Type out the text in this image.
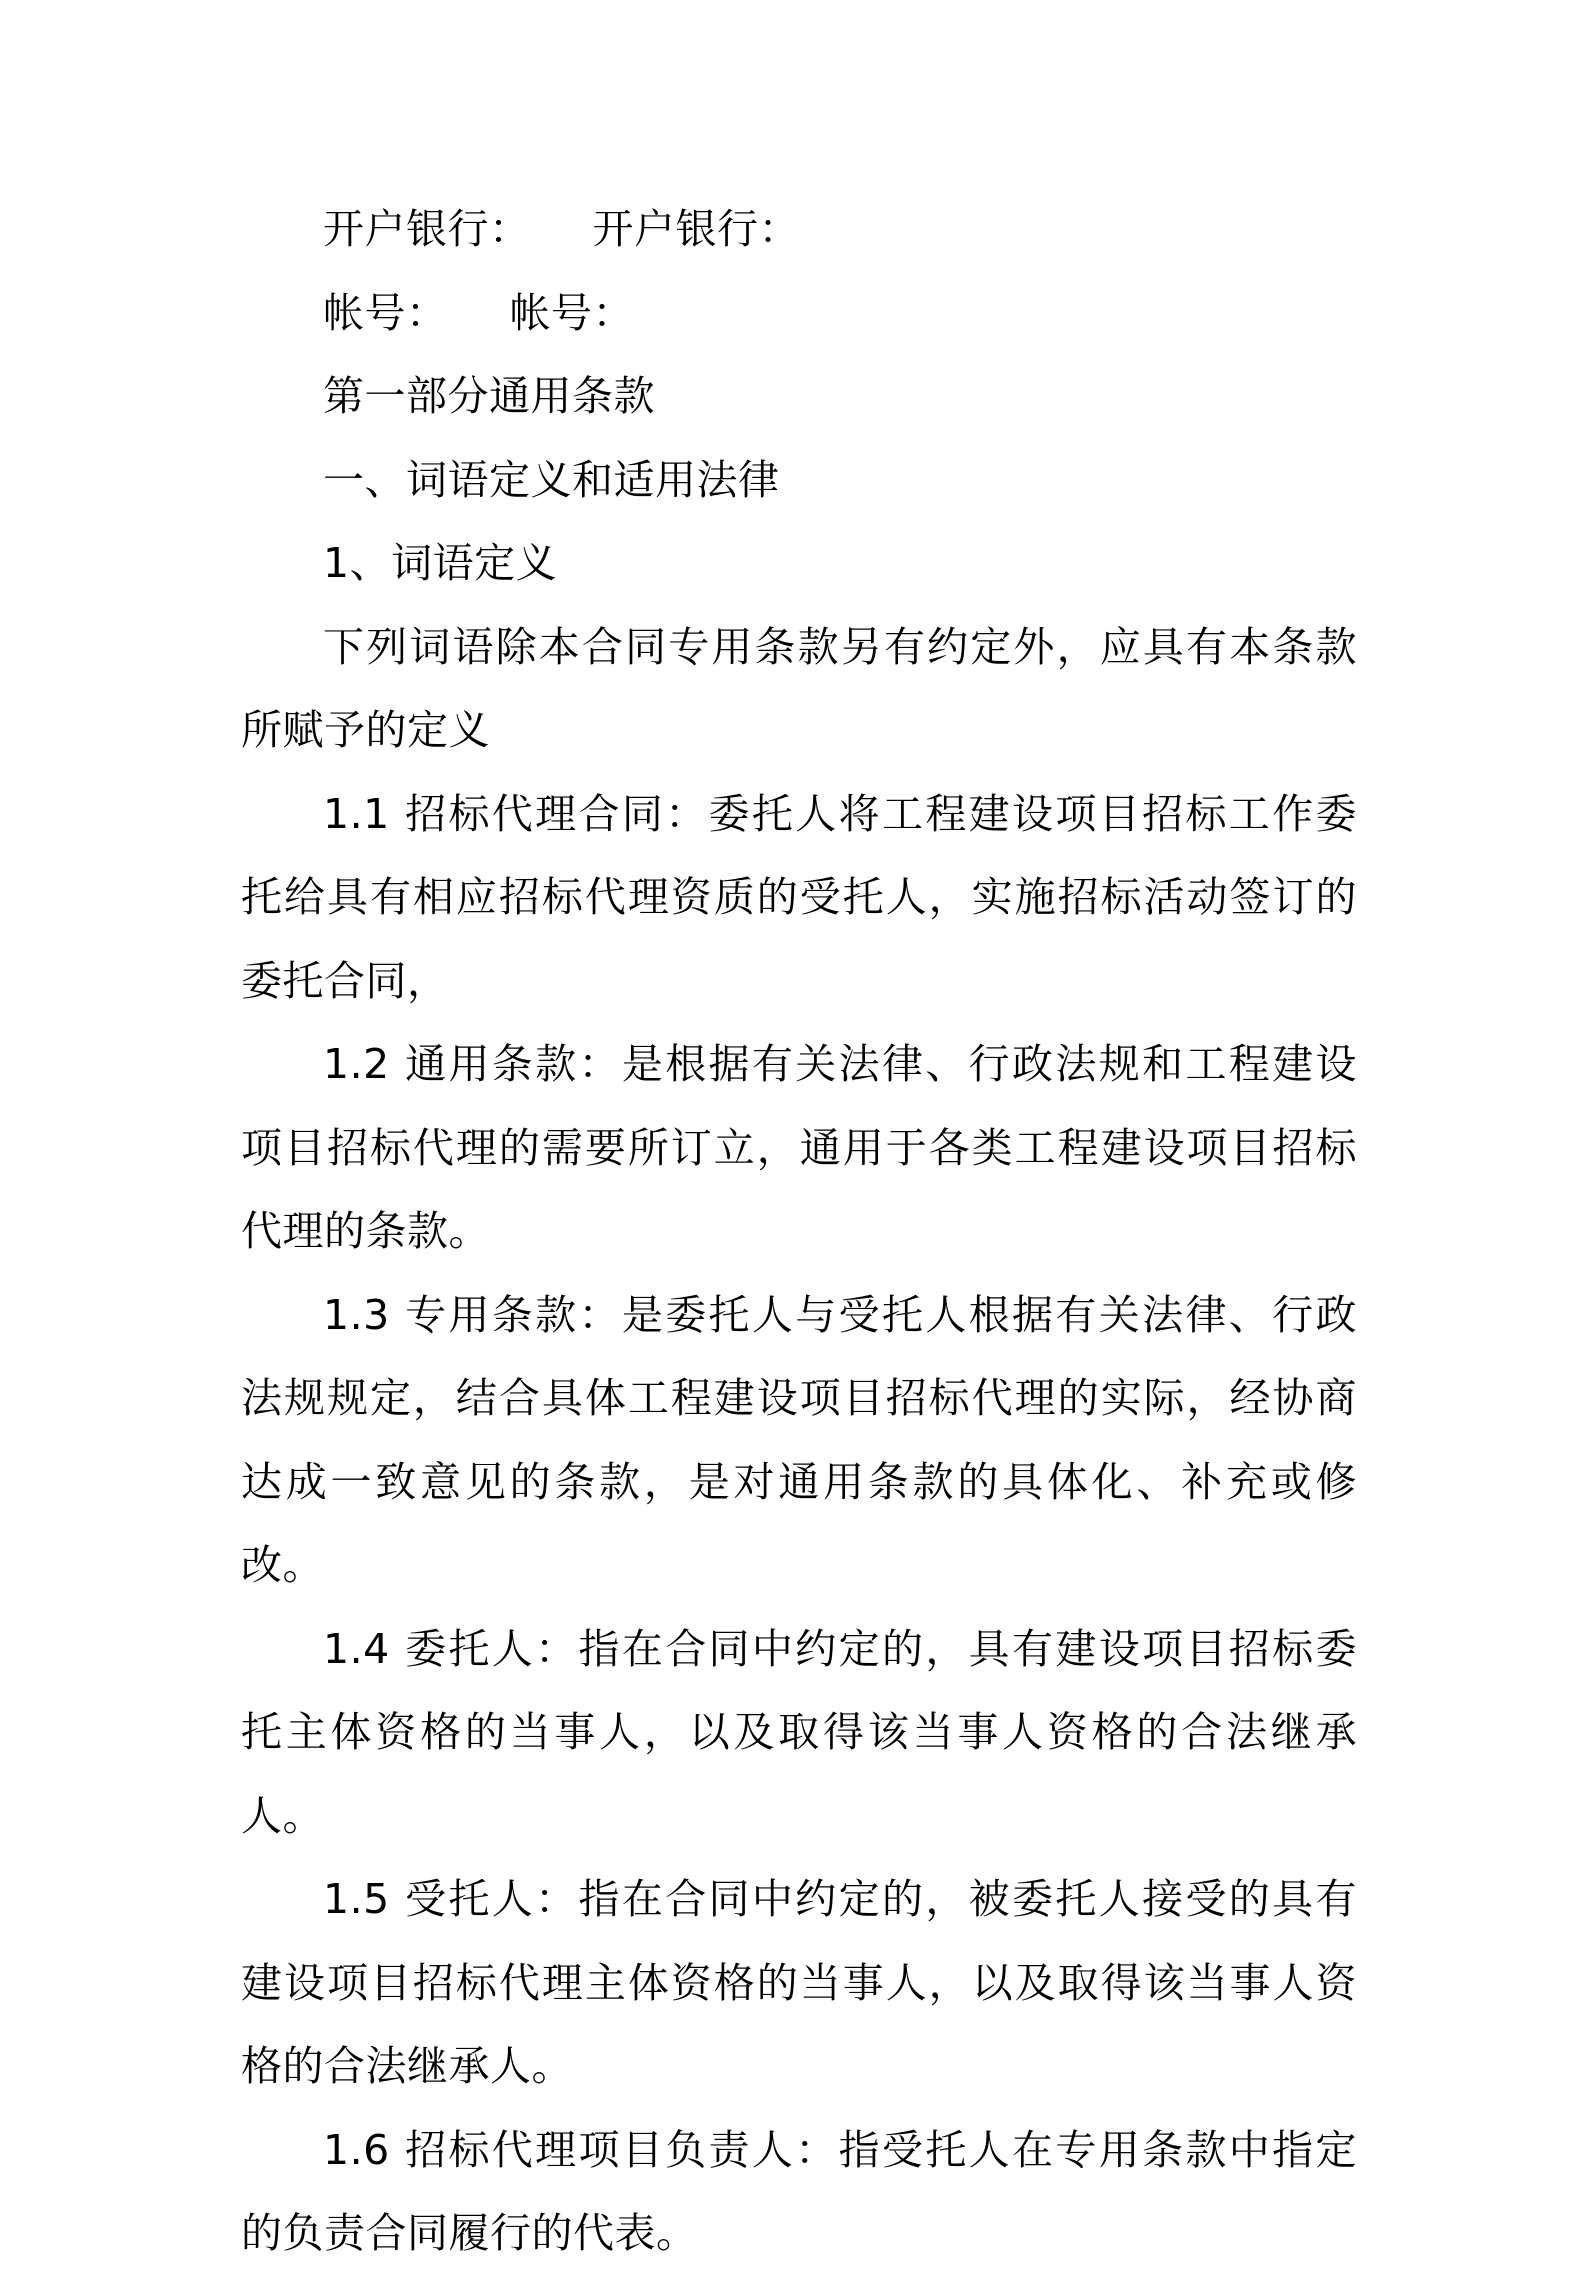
开户银行： 开户银行：

帐号： 帐号：

第一部分通用条款

一、词语定义和适用法律

1、词语定义

下列词语除本合同专用条款另有约定外，应具有本条款所赋予的定义

1.1 招标代理合同：委托人将工程建设项目招标工作委托给具有相应招标代理资质的受托人，实施招标活动签订的委托合同，

1.2 通用条款：是根据有关法律、行政法规和工程建设项目招标代理的需要所订立，通用于各类工程建设项目招标代理的条款。

1.3 专用条款：是委托人与受托人根据有关法律、行政法规规定，结合具体工程建设项目招标代理的实际，经协商达成一致意见的条款，是对通用条款的具体化、补充或修改。

1.4 委托人：指在合同中约定的，具有建设项目招标委托主体资格的当事人，以及取得该当事人资格的合法继承人。

1.5 受托人：指在合同中约定的，被委托人接受的具有建设项目招标代理主体资格的当事人，以及取得该当事人资格的合法继承人。

1.6 招标代理项目负责人：指受托人在专用条款中指定的负责合同履行的代表。
